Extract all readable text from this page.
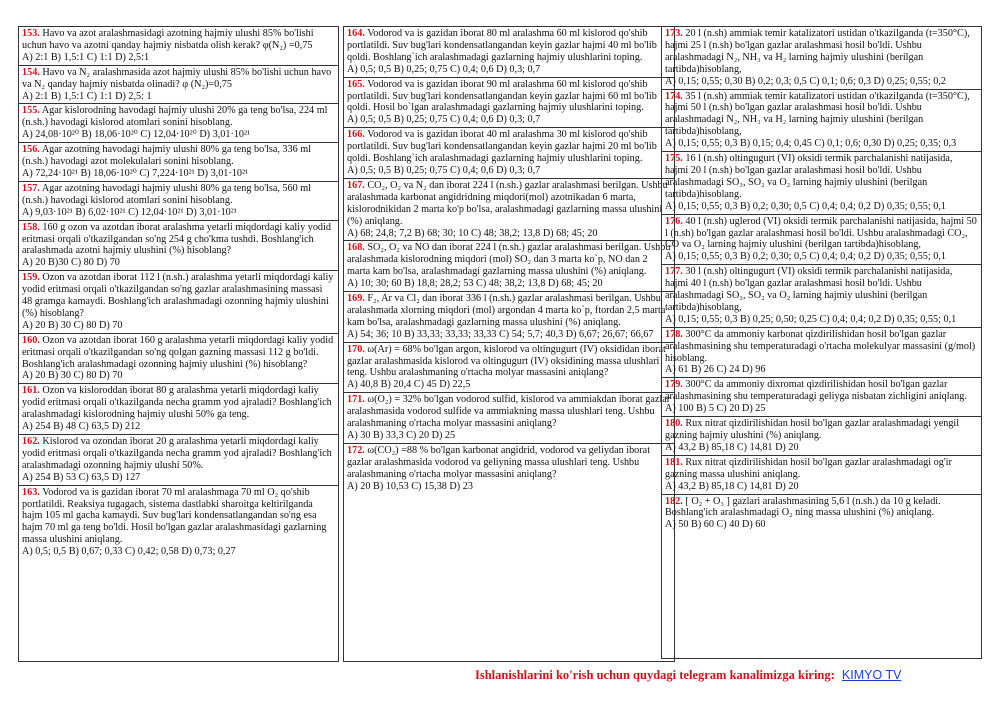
153. Havo va azot aralashmasidagi azotning hajmiy ulushi 85% bo'lishi uchun havo va azotni qanday hajmiy nisbatda olish kerak? φ(N₂) =0,75
A) 2:1 B) 1,5:1 C) 1:1 D) 2,5:1
154. Havo va N₂ aralashmasida azot hajmiy ulushi 85% bo'lishi uchun havo va N₂ qanday hajmiy nisbatda olinadi? φ (N₂)=0,75
A) 2:1 B) 1,5:1 C) 1:1 D) 2,5: 1
155. Agar kislorodning havodagi hajmiy ulushi 20% ga teng bo'lsa, 224 ml (n.sh.) havodagi kislorod atomlari sonini hisoblang.
A) 24,08·10²⁰ B) 18,06·10²⁰ C) 12,04·10²⁰ D) 3,01·10²¹
156. Agar azotning havodagi hajmiy ulushi 80% ga teng bo'lsa, 336 ml (n.sh.) havodagi azot molekulalari sonini hisoblang.
A) 72,24·10²¹ B) 18,06·10²⁰ C) 7,224·10²¹ D) 3,01·10²¹
157. Agar azotning havodagi hajmiy ulushi 80% ga teng bo'lsa, 560 ml (n.sh.) havodagi kislorod atomlari sonini hisoblang.
A) 9,03·10²¹ B) 6,02·10²¹ C) 12,04·10²¹ D) 3,01·10²¹
158. 160 g ozon va azotdan iborat aralashma yetarli miqdordagi kaliy yodid eritmasi orqali o'tkazilgandan so'ng 254 g cho'kma tushdi. Boshlang'ich aralashmada azotni hajmiy ulushini (%) hisoblang?
A) 20 B)30 C) 80 D) 70
159. Ozon va azotdan iborat 112 l (n.sh.) aralashma yetarli miqdordagi kaliy yodid eritmasi orqali o'tkazilgandan so'ng gazlar aralashmasining massasi 48 gramga kamaydi. Boshlang'ich aralashmadagi ozonning hajmiy ulushini (%) hisoblang?
A) 20 B) 30 C) 80 D) 70
160. Ozon va azotdan iborat 160 g aralashma yetarli miqdordagi kaliy yodid eritmasi orqali o'tkazilgandan so'ng qolgan gazning massasi 112 g bo'ldi. Boshlang'ich aralashmadagi ozonning hajmiy ulushini (%) hisoblang?
A) 20 B) 30 C) 80 D) 70
161. Ozon va kisloroddan iborat 80 g aralashma yetarli miqdordagi kaliy yodid eritmasi orqali o'tkazilganda necha gramm yod ajraladi? Boshlang'ich aralashmadagi kislorodning hajmiy ulushi 50% ga teng.
A) 254 B) 48 C) 63,5 D) 212
162. Kislorod va ozondan iborat 20 g aralashma yetarli miqdordagi kaliy yodid eritmasi orqali o'tkazilganda necha gramm yod ajraladi? Boshlang'ich aralashmadagi ozonning hajmiy ulushi 50%.
A) 254 B) 53 C) 63,5 D) 127
163. Vodorod va is gazidan iborat 70 ml aralashmaga 70 ml O₂ qo'shib portlatildi. Reaksiya tugagach, sistema dastlabki sharoitga keltirilganda hajm 105 ml gacha kamaydi. Suv bug'lari kondensatlangandan so'ng esa hajm 70 ml ga teng bo'ldi. Hosil bo'lgan gazlar aralashmasidagi gazlarning massa ulushini aniqlang.
A) 0,5; 0,5 B) 0,67; 0,33 C) 0,42; 0,58 D) 0,73; 0,27
164. Vodorod va is gazidan iborat 80 ml aralashma 60 ml kislorod qo'shib portlatildi. Suv bug'lari kondensatlangandan keyin gazlar hajmi 40 ml bo'lib qoldi. Boshlang`ich aralashmadagi gazlarning hajmiy ulushlarini toping.
A) 0,5; 0,5 B) 0,25; 0,75 C) 0,4; 0,6 D) 0,3; 0,7
165. Vodorod va is gazidan iborat 90 ml aralashma 60 ml kislorod qo'shib portlatildi. Suv bug'lari kondensatlangandan keyin gazlar hajmi 60 ml bo'lib qoldi. Hosil bo`lgan aralashmadagi gazlarning hajmiy ulushlarini toping.
A) 0,5; 0,5 B) 0,25; 0,75 C) 0,4; 0,6 D) 0,3; 0,7
166. Vodorod va is gazidan iborat 40 ml aralashma 30 ml kislorod qo'shib portlatildi. Suv bug'lari kondensatlangandan keyin gazlar hajmi 20 ml bo'lib qoldi. Boshlang`ich aralashmadagi gazlarning hajmiy ulushlarini toping.
A) 0,5; 0,5 B) 0,25; 0,75 C) 0,4; 0,6 D) 0,3; 0,7
167. CO₂, O₂ va N₂ dan iborat 224 l (n.sh.) gazlar aralashmasi berilgan. Ushbu aralashmada karbonat angidridning miqdori(mol) azotnikadan 6 marta, kislorodnikidan 2 marta ko'p bo'lsa, aralashmadagi gazlarning massa ulushini (%) aniqlang.
A) 68; 24,8; 7,2 B) 68; 30; 10 C) 48; 38,2; 13,8 D) 68; 45; 20
168. SO₂, O₂ va NO dan iborat 224 l (n.sh.) gazlar aralashmasi berilgan. Ushbu aralashmada kislorodning miqdori (mol) SO₂ dan 3 marta ko`p, NO dan 2 marta kam bo'lsa, aralashmadagi gazlarning massa ulushini (%) aniqlang.
A) 10; 30; 60 B) 18,8; 28,2; 53 C) 48; 38,2; 13,8 D) 68; 45; 20
169. F₂, Ar va Cl₂ dan iborat 336 l (n.sh.) gazlar aralashmasi berilgan. Ushbu aralashmada xlorning miqdori (mol) argondan 4 marta ko`p, ftordan 2,5 marta kam bo'lsa, aralashmadagi gazlarning massa ulushini (%) aniqlang.
A) 54; 36; 10 B) 33,33; 33,33; 33,33 C) 54; 5,7; 40,3 D) 6,67; 26,67; 66,67
170. ω(Ar) = 68% bo'lgan argon, kislorod va oltingugurt (IV) oksididan iborat gazlar aralashmasida kislorod va oltingugurt (IV) oksidining massa ulushlari teng. Ushbu aralashmaning o'rtacha molyar massasini aniqlang?
A) 40,8 B) 20,4 C) 45 D) 22,5
171. ω(O₂) = 32% bo'lgan vodorod sulfid, kislorod va ammiakdan iborat gazlar aralashmasida vodorod sulfide va ammiakning massa ulushlari teng. Ushbu aralashmaning o'rtacha molyar massasini aniqlang?
A) 30 B) 33,3 C) 20 D) 25
172. ω(CO₂) =88 % bo'lgan karbonat angidrid, vodorod va geliydan iborat gazlar aralashmasida vodorod va geliyning massa ulushlari teng. Ushbu aralashmaning o'rtacha molyar massasini aniqlang?
A) 20 B) 10,53 C) 15,38 D) 23
173. 20 l (n.sh) ammiak temir katalizatori ustidan o'tkazilganda (t=350°C), hajmi 25 l (n.sh) bo'lgan gazlar aralashmasi hosil bo'ldi. Ushbu aralashmadagi N₂, NH₃ va H₂ larning hajmiy ulushini (berilgan tartibda)hisoblang,
A) 0,15; 0,55; 0,30 B) 0,2; 0,3; 0,5 C) 0,1; 0,6; 0,3 D) 0,25; 0,55; 0,2
174. 35 l (n.sh) ammiak temir katalizatori ustidan o'tkazilganda (t=350°C), hajmi 50 l (n.sh) bo'lgan gazlar aralashmasi hosil bo'ldi. Ushbu aralashmadagi N₂, NH₃ va H₂ larning hajmiy ulushini (berilgan tartibda)hisoblang,
A) 0,15; 0,55; 0,3 B) 0,15; 0,4; 0,45 C) 0,1; 0,6; 0,30 D) 0,25; 0,35; 0,3
175. 16 l (n.sh) oltingugurt (VI) oksidi termik parchalanishi natijasida, hajmi 20 l (n.sh) bo'lgan gazlar aralashmasi hosil bo'ldi. Ushbu aralashmadagi SO₃, SO₂ va O₂ larning hajmiy ulushini (berilgan tartibda)hisoblang.
A) 0,15; 0,55; 0,3 B) 0,2; 0,30; 0,5 C) 0,4; 0,4; 0,2 D) 0,35; 0,55; 0,1
176. 40 l (n.sh) uglerod (VI) oksidi termik parchalanishi natijasida, hajmi 50 l (n.sh) bo'lgan gazlar aralashmasi hosil bo'ldi. Ushbu aralashmadagi CO₂, CO va O₂ larning hajmiy ulushini (berilgan tartibda)hisoblang,
A) 0,15; 0,55; 0,3 B) 0,2; 0,30; 0,5 C) 0,4; 0,4; 0,2 D) 0,35; 0,55; 0,1
177. 30 l (n.sh) oltingugurt (VI) oksidi termik parchalanishi natijasida, hajmi 40 l (n.sh) bo'lgan gazlar aralashmasi hosil bo'ldi. Ushbu aralashmadagi SO₃, SO₂ va O₂ larning hajmiy ulushini (berilgan tartibda)hisoblang,
A) 0,15; 0,55; 0,3 B) 0,25; 0,50; 0,25 C) 0,4; 0,4; 0,2 D) 0,35; 0,55; 0,1
178. 300°C da ammoniy karbonat qizdirilishidan hosil bo'lgan gazlar aralashmasining shu temperaturadagi o'rtacha molekulyar massasini (g/mol) hisoblang.
A) 61 B) 26 C) 24 D) 96
179. 300°C da ammoniy dixromat qizdirilishidan hosil bo'lgan gazlar aralashmasining shu temperaturadagi geliyga nisbatan zichligini aniqlang.
A) 100 B) 5 C) 20 D) 25
180. Rux nitrat qizdirilishidan hosil bo'lgan gazlar aralashmadagi yengil gazning hajmiy ulushini (%) aniqlang.
A) 43,2 B) 85,18 C) 14,81 D) 20
181. Rux nitrat qizdirilishidan hosil bo'lgan gazlar aralashmadagi og'ir gazning massa ulushini aniqlang.
A) 43,2 B) 85,18 C) 14,81 D) 20
182. [ O₂ + O₃ ] gazlari aralashmasining 5,6 l (n.sh.) da 10 g keladi. Boshlang'ich aralashmadagi O₂ ning massa ulushini (%) aniqlang.
A) 50 B) 60 C) 40 D) 60
Ishlanishlarini ko'rish uchun quydagi telegram kanalimizga kiring: KIMYO TV
